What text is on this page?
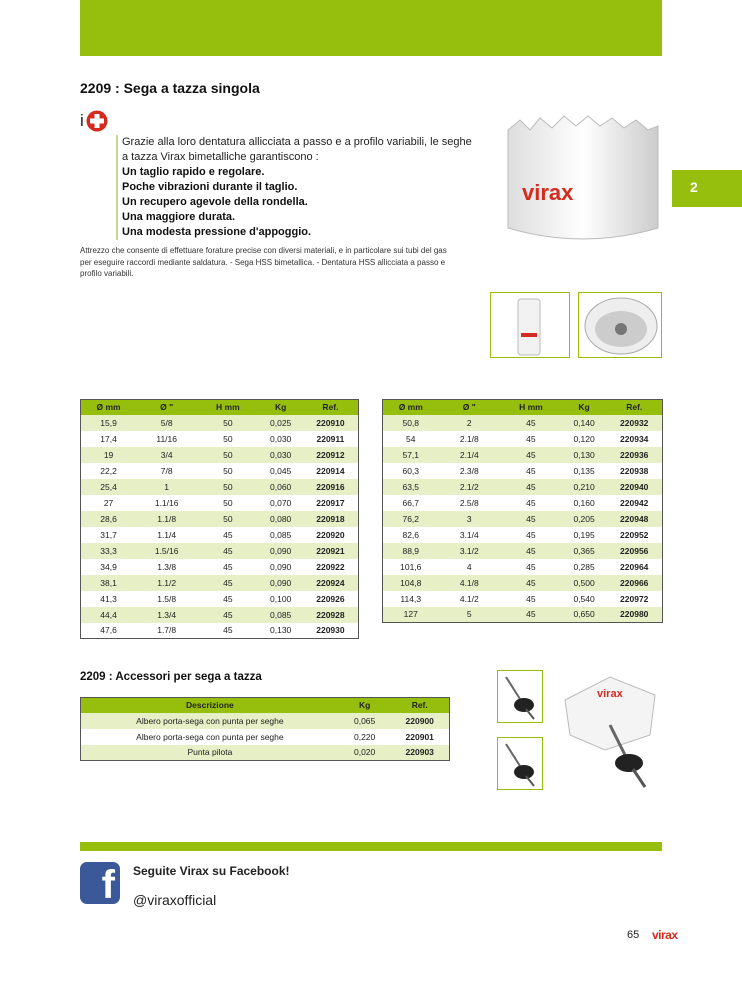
2209 : Sega a tazza singola
i
Grazie alla loro dentatura allicciata a passo e a profilo variabili, le seghe a tazza Virax bimetalliche garantiscono :
Un taglio rapido e regolare.
Poche vibrazioni durante il taglio.
Un recupero agevole della rondella.
Una maggiore durata.
Una modesta pressione d'appoggio.
Attrezzo che consente di effettuare forature precise con diversi materiali, e in particolare sui tubi del gas per eseguire raccordi mediante saldatura. - Sega HSS bimetallica. - Dentatura HSS allicciata a passo e profilo variabili.
virax	2
Ø mm	Ø "	H mm	Kg	Ref.
15,9	5/8	50	0,025	220910
17,4	11/16	50	0,030	220911
19	3/4	50	0,030	220912
22,2	7/8	50	0,045	220914
25,4	1	50	0,060	220916
27	1.1/16	50	0,070	220917
28,6	1.1/8	50	0,080	220918
31,7	1.1/4	45	0,085	220920
33,3	1.5/16	45	0,090	220921
34,9	1.3/8	45	0,090	220922
38,1	1.1/2	45	0,090	220924
41,3	1.5/8	45	0,100	220926
44,4	1.3/4	45	0,085	220928
47,6	1.7/8	45	0,130	220930
Ø mm	Ø "	H mm	Kg	Ref.
50,8	2	45	0,140	220932
54	2.1/8	45	0,120	220934
57,1	2.1/4	45	0,130	220936
60,3	2.3/8	45	0,135	220938
63,5	2.1/2	45	0,210	220940
66,7	2.5/8	45	0,160	220942
76,2	3	45	0,205	220948
82,6	3.1/4	45	0,195	220952
88,9	3.1/2	45	0,365	220956
101,6	4	45	0,285	220964
104,8	4.1/8	45	0,500	220966
114,3	4.1/2	45	0,540	220972
127	5	45	0,650	220980
2209 : Accessori per sega a tazza
Descrizione	Kg	Ref.
Albero porta-sega con punta per seghe	0,065	220900
Albero porta-sega con punta per seghe	0,220	220901
Punta pilota	0,020	220903
virax
f	Seguite Virax su Facebook!
@viraxofficial
65 virax
